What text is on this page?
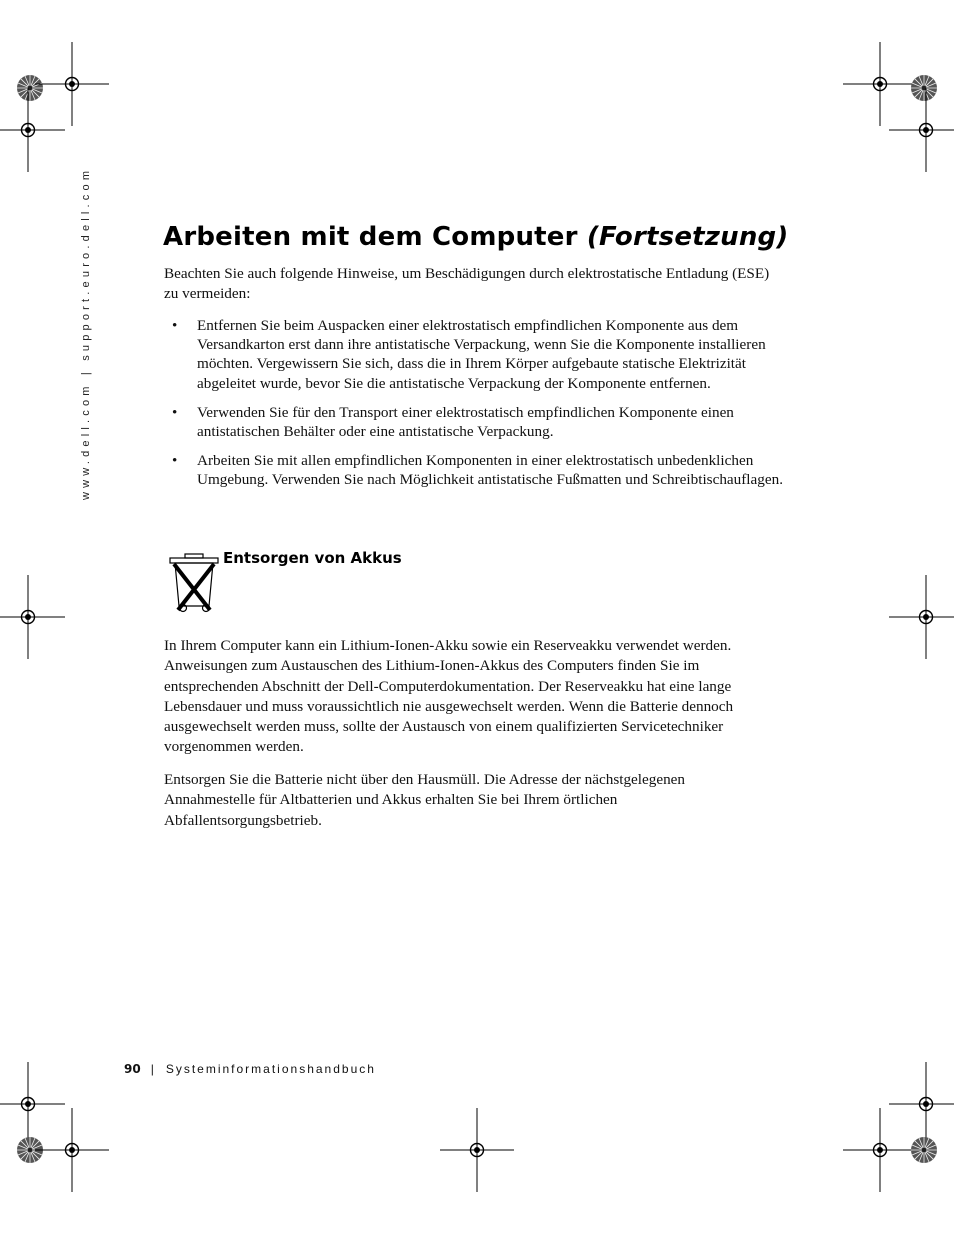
www.dell.com | support.euro.dell.com	Arbeiten mit dem Computer (Fortsetzung)

Beachten Sie auch folgende Hinweise, um Beschädigungen durch elektrostatische Entladung (ESE) zu vermeiden:

• Entfernen Sie beim Auspacken einer elektrostatisch empfindlichen Komponente aus dem Versandkarton erst dann ihre antistatische Verpackung, wenn Sie die Komponente installieren möchten. Vergewissern Sie sich, dass die in Ihrem Körper aufgebaute statische Elektrizität abgeleitet wurde, bevor Sie die antistatische Verpackung der Komponente entfernen.
• Verwenden Sie für den Transport einer elektrostatisch empfindlichen Komponente einen antistatischen Behälter oder eine antistatische Verpackung.
• Arbeiten Sie mit allen empfindlichen Komponenten in einer elektrostatisch unbedenklichen Umgebung. Verwenden Sie nach Möglichkeit antistatische Fußmatten und Schreibtischauflagen.
Entsorgen von Akkus

In Ihrem Computer kann ein Lithium-Ionen-Akku sowie ein Reserveakku verwendet werden. Anweisungen zum Austauschen des Lithium-Ionen-Akkus des Computers finden Sie im entsprechenden Abschnitt der Dell-Computerdokumentation. Der Reserveakku hat eine lange Lebensdauer und muss voraussichtlich nie ausgewechselt werden. Wenn die Batterie dennoch ausgewechselt werden muss, sollte der Austausch von einem qualifizierten Servicetechniker vorgenommen werden.

Entsorgen Sie die Batterie nicht über den Hausmüll. Die Adresse der nächstgelegenen Annahmestelle für Altbatterien und Akkus erhalten Sie bei Ihrem örtlichen Abfallentsorgungsbetrieb.

90 | Systeminformationshandbuch
